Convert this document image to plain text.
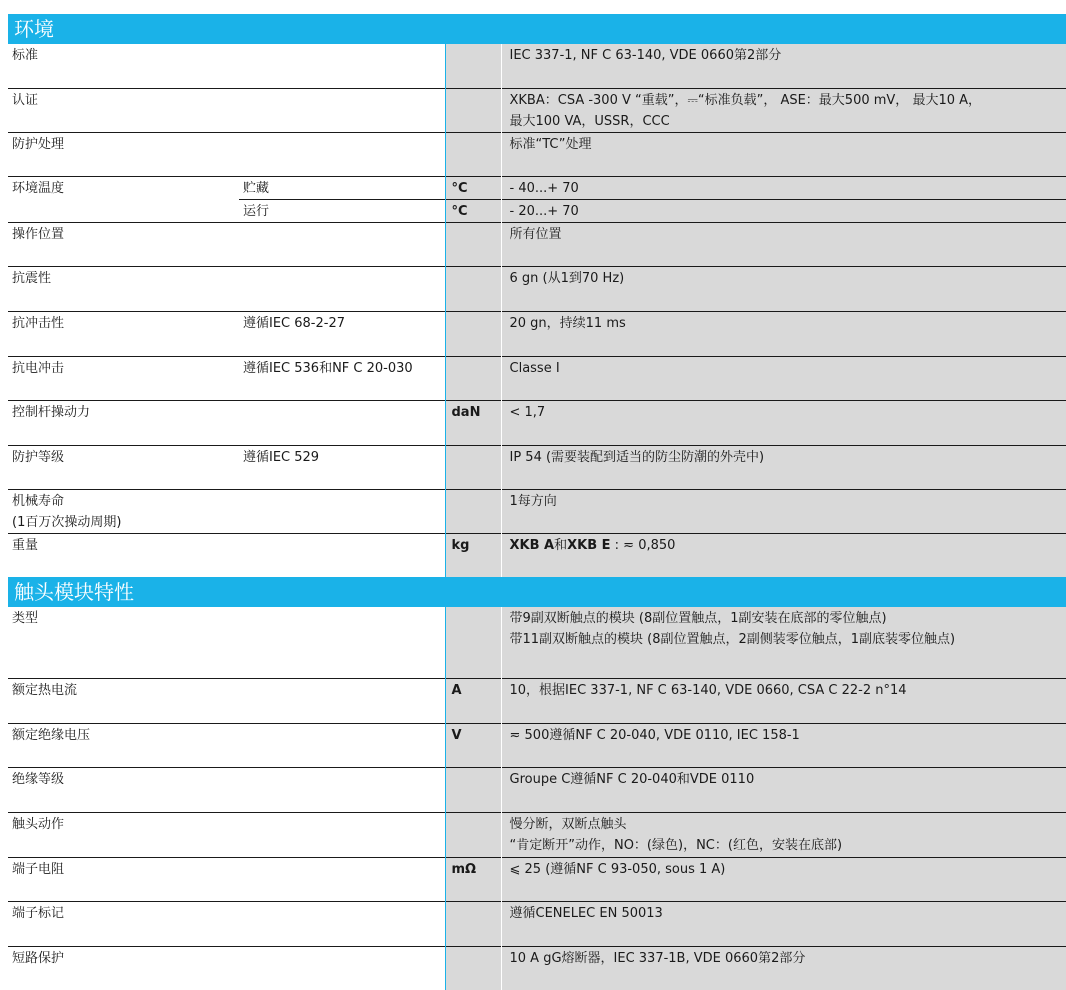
环境
标准			IEC 337-1, NF C 63-140, VDE 0660第2部分

认证			XKBA：CSA -300 V “重载”，⎓“标准负载”， ASE：最大500 mV， 最大10 A，
最大100 VA，USSR，CCC

防护处理			标准“TC”处理

环境温度	贮藏	°C	- 40...+ 70

	运行	°C	- 20...+ 70

操作位置			所有位置

抗震性			6 gn (从1到70 Hz)

抗冲击性	遵循IEC 68-2-27		20 gn，持续11 ms

抗电冲击	遵循IEC 536和NF C 20-030		Classe I

控制杆操动力		daN	< 1,7

防护等级	遵循IEC 529		IP 54 (需要装配到适当的防尘防潮的外壳中)

机械寿命
(1百万次操动周期)			1每方向

重量		kg	XKB A和XKB E : ≂ 0,850
触头模块特性
类型			带9副双断触点的模块 (8副位置触点，1副安装在底部的零位触点)
带11副双断触点的模块 (8副位置触点，2副侧装零位触点，1副底装零位触点)

额定热电流		A	10，根据IEC 337-1, NF C 63-140, VDE 0660, CSA C 22-2 n°14

额定绝缘电压		V	≂ 500遵循NF C 20-040, VDE 0110, IEC 158-1

绝缘等级			Groupe C遵循NF C 20-040和VDE 0110

触头动作			慢分断，双断点触头
“肯定断开”动作，NO：(绿色)，NC：(红色，安装在底部)

端子电阻		mΩ	⩽ 25 (遵循NF C 93-050, sous 1 A)

端子标记			遵循CENELEC EN 50013

短路保护			10 A gG熔断器，IEC 337-1B, VDE 0660第2部分
